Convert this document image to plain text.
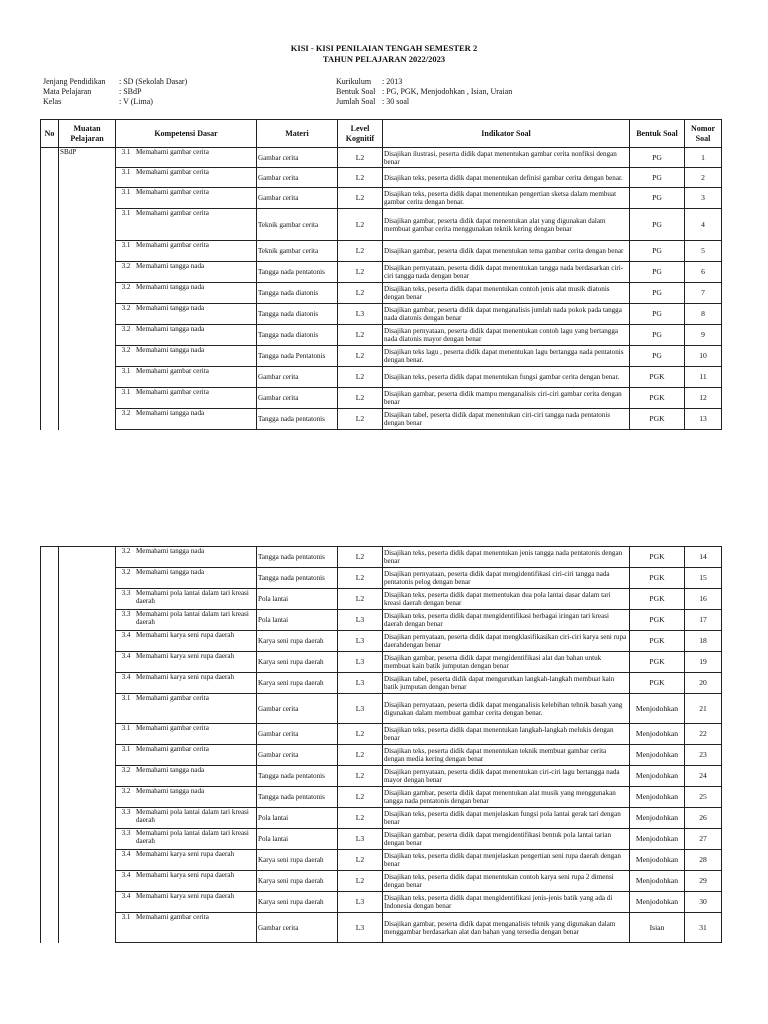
KISI - KISI PENILAIAN TENGAH SEMESTER 2
TAHUN PELAJARAN 2022/2023
Jenjang Pendidikan	: SD (Sekolah Dasar)
Mata Pelajaran	: SBdP
Kelas	: V (Lima)
Kurikulum	: 2013
Bentuk Soal : PG, PGK, Menjodohkan , Isian, Uraian
Jumlah Soal : 30 soal
No	Muatan Pelajaran	Kompetensi Dasar	Materi	Level Kognitif	Indikator Soal	Bentuk Soal	Nomor Soal
	SBdP	3.1 Memahami gambar cerita	Gambar cerita	L2	Disajikan ilustrasi, peserta didik dapat menentukan gambar cerita nonfiksi dengan benar	PG	1

		3.1 Memahami gambar cerita	Gambar cerita	L2	Disajikan teks, peserta didik dapat menentukan definisi gambar cerita dengan benar.	PG	2

		3.1 Memahami gambar cerita	Gambar cerita	L2	Disajikan teks, peserta didik dapat menentukan pengertian sketsa dalam membuat gambar cerita dengan benar.	PG	3

		3.1 Memahami gambar cerita	Teknik gambar cerita	L2	Disajikan gambar, peserta didik dapat menentukan alat yang digunakan dalam membuat gambar cerita menggunakan teknik kering dengan benar	PG	4

		3.1 Memahami gambar cerita	Teknik gambar cerita	L2	Disajikan gambar, peserta didik dapat menentukan tema gambar cerita dengan benar	PG	5

		3.2 Memahami tangga nada	Tangga nada pentatonis	L2	Disajikan pernyataan, peserta didik dapat menentukan tangga nada berdasarkan ciri-ciri tangga nada dengan benar	PG	6

		3.2 Memahami tangga nada	Tangga nada diatonis	L2	Disajikan teks, peserta didik dapat menentukan contoh jenis alat musik diatonis dengan benar	PG	7

		3.2 Memahami tangga nada	Tangga nada diatonis	L3	Disajikan gambar, peserta didik dapat menganalisis jumlah nada pokok pada tangga nada diatonis dengan benar	PG	8

		3.2 Memahami tangga nada	Tangga nada diatonis	L2	Disajikan pernyataan, peserta didik dapat menentukan contoh lagu yang bertangga nada diatonis mayor dengan benar	PG	9

		3.2 Memahami tangga nada	Tangga nada Pentatonis	L2	Disajikan teks lagu , peserta didik dapat menentukan lagu bertangga nada pentatonis dengan benar.	PG	10

		3.1 Memahami gambar cerita	Gambar cerita	L2	Disajikan teks, peserta didik dapat menentukan fungsi gambar cerita dengan benar.	PGK	11

		3.1 Memahami gambar cerita	Gambar cerita	L2	Disajikan gambar, peserta didik mampu menganalisis ciri-ciri gambar cerita dengan benar	PGK	12

		3.2 Memahami tangga nada	Tangga nada pentatonis	L2	Disajikan tabel, peserta didik dapat menentukan ciri-ciri tangga nada pentatonis dengan benar	PGK	13

		3.2 Memahami tangga nada	Tangga nada pentatonis	L2	Disajikan teks, peserta didik dapat menentukan jenis tangga nada pentatonis dengan benar	PGK	14

		3.2 Memahami tangga nada	Tangga nada pentatonis	L2	Disajikan pernyataan, peserta didik dapat mengidentifikasi ciri-ciri tangga nada pentatonis pelog dengan benar	PGK	15

		3.3 Memahami pola lantai dalam tari kreasi daerah	Pola lantai	L2	Disajikan teks, peserta didik dapat mementukan dua pola lantai dasar dalam tari kreasi daerah dengan benar	PGK	16

		3.3 Memahami pola lantai dalam tari kreasi daerah	Pola lantai	L3	Disajikan teks, peserta didik dapat mengidentifikasi berbagai iringan tari kreasi daerah dengan benar	PGK	17

		3.4 Memahami karya seni rupa daerah	Karya seni rupa daerah	L3	Disajikan pernyataan, peserta didik dapat mengklasifikasikan ciri-ciri karya seni rupa daerahdengan benar	PGK	18

		3.4 Memahami karya seni rupa daerah	Karya seni rupa daerah	L3	Disajikan gambar, peserta didik dapat mengidentifikasi alat dan bahan untuk membuat kain batik jumputan dengan benar	PGK	19

		3.4 Memahami karya seni rupa daerah	Karya seni rupa daerah	L3	Disajikan tabel, peserta didik dapat mengurutkan langkah-langkah membuat kain batik jumputan dengan benar	PGK	20

		3.1 Memahami gambar cerita	Gambar cerita	L3	Disajikan pernyataan, peserta didik dapat menganalisis kelebihan tehnik basah yang digunakan dalam membuat gambar cerita dengan benar.	Menjodohkan	21

		3.1 Memahami gambar cerita	Gambar cerita	L2	Disajikan teks, peserta didik dapat menentukan langkah-langkah melukis dengan benar	Menjodohkan	22

		3.1 Memahami gambar cerita	Gambar cerita	L2	Disajikan teks, peserta didik dapat menentukan teknik membuat gambar cerita dengan media kering dengan benar	Menjodohkan	23

		3.2 Memahami tangga nada	Tangga nada pentatonis	L2	Disajikan pernyataan, peserta didik dapat menentukan ciri-ciri lagu bertangga nada mayor dengan benar	Menjodohkan	24

		3.2 Memahami tangga nada	Tangga nada pentatonis	L2	Disajikan gambar, peserta didik dapat menentukan alat musik yang menggunakan tangga nada pentatonis dengan benar	Menjodohkan	25

		3.3 Memahami pola lantai dalam tari kreasi daerah	Pola lantai	L2	Disajikan teks, peserta didik dapat menjelaskan fungsi pola lantai gerak tari dengan benar	Menjodohkan	26

		3.3 Memahami pola lantai dalam tari kreasi daerah	Pola lantai	L3	Disajikan gambar, peserta didik dapat mengidentifikasi bentuk pola lantai tarian dengan benar	Menjodohkan	27

		3.4 Memahami karya seni rupa daerah	Karya seni rupa daerah	L2	Disajikan teks, peserta didik dapat menjelaskan pengertian seni rupa daerah dengan benar	Menjodohkan	28

		3.4 Memahami karya seni rupa daerah	Karya seni rupa daerah	L2	Disajikan teks, peserta didik dapat menentukan contoh karya seni rupa 2 dimensi dengan benar	Menjodohkan	29

		3.4 Memahami karya seni rupa daerah	Karya seni rupa daerah	L3	Disajikan teks, peserta didik dapat mengidentifikasi jenis-jenis batik yang ada di Indonesia dengan benar	Menjodohkan	30

		3.1 Memahami gambar cerita	Gambar cerita	L3	Disajikan gambar, peserta didik dapat menganalisis tehnik yang digunakan dalam menggambar berdasarkan alat dan bahan yang tersedia dengan benar	Isian	31
